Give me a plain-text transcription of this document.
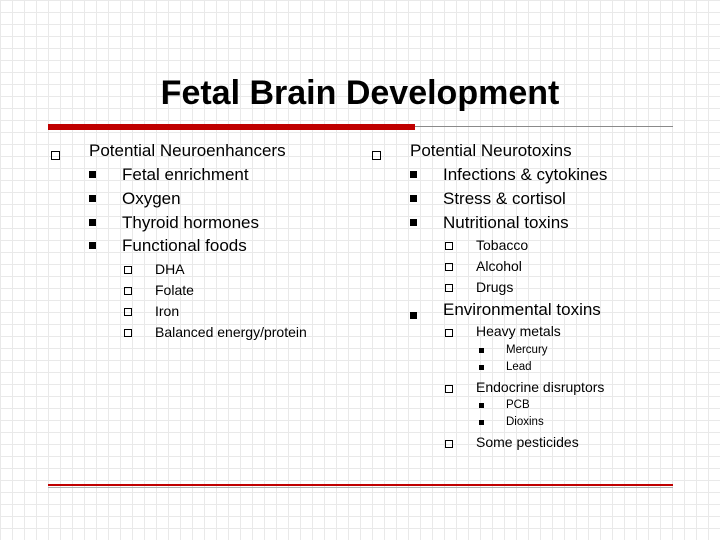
Fetal Brain Development
Potential Neuroenhancers
Fetal enrichment
Oxygen
Thyroid hormones
Functional foods
DHA
Folate
Iron
Balanced energy/protein
Potential Neurotoxins
Infections & cytokines
Stress & cortisol
Nutritional toxins
Tobacco
Alcohol
Drugs
Environmental toxins
Heavy metals
Mercury
Lead
Endocrine disruptors
PCB
Dioxins
Some pesticides
